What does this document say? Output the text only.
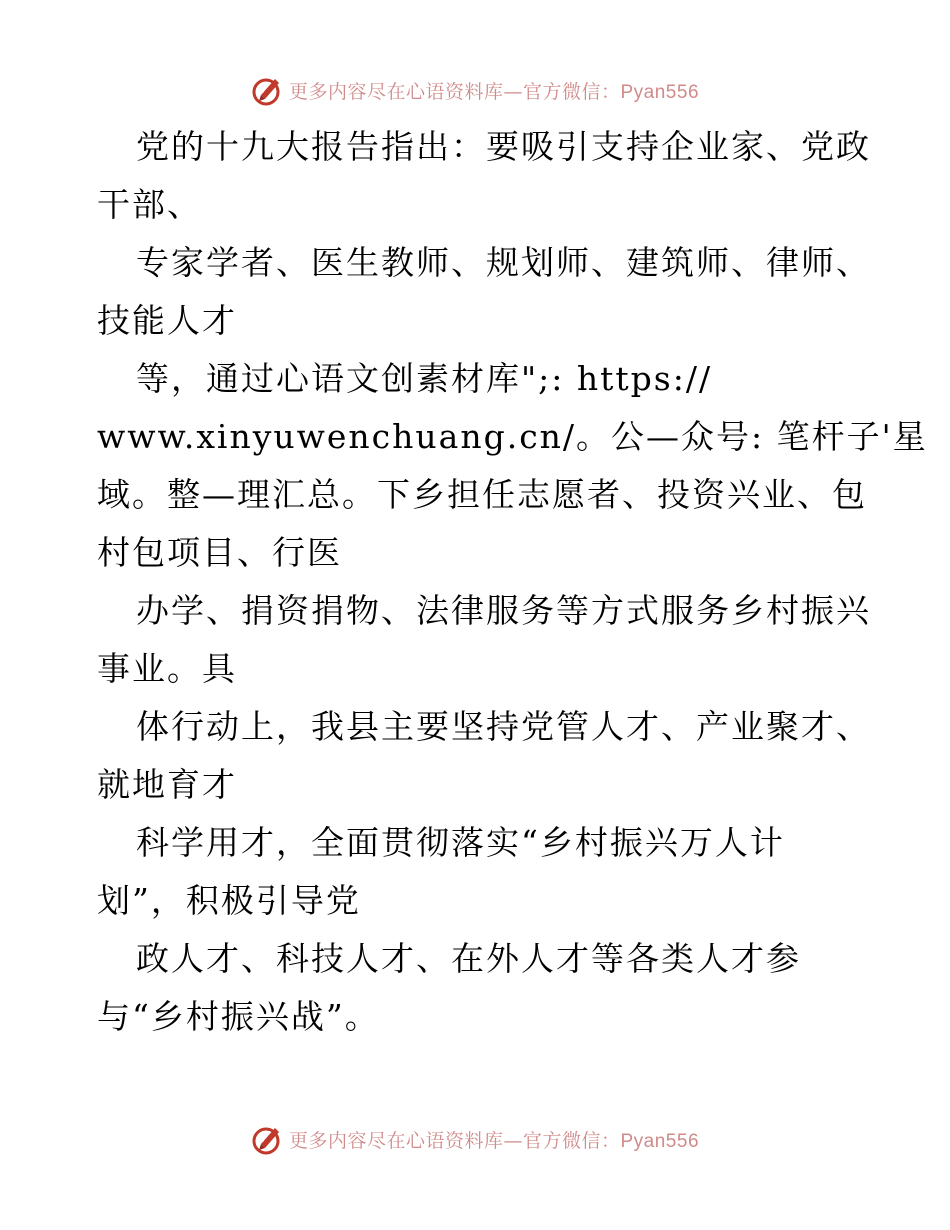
更多内容尽在心语资料库—官方微信：Pyan556
党的十九大报告指出：要吸引支持企业家、党政
干部、
专家学者、医生教师、规划师、建筑师、律师、
技能人才
等，通过心语文创素材库";: https://
www.xinyuwenchuang.cn/。公—众号: 笔杆子'星
域。整—理汇总。下乡担任志愿者、投资兴业、包
村包项目、行医
办学、捐资捐物、法律服务等方式服务乡村振兴
事业。具
体行动上，我县主要坚持党管人才、产业聚才、
就地育才
科学用才，全面贯彻落实“乡村振兴万人计
划”，积极引导党
政人才、科技人才、在外人才等各类人才参
与“乡村振兴战”。
更多内容尽在心语资料库—官方微信：Pyan556
